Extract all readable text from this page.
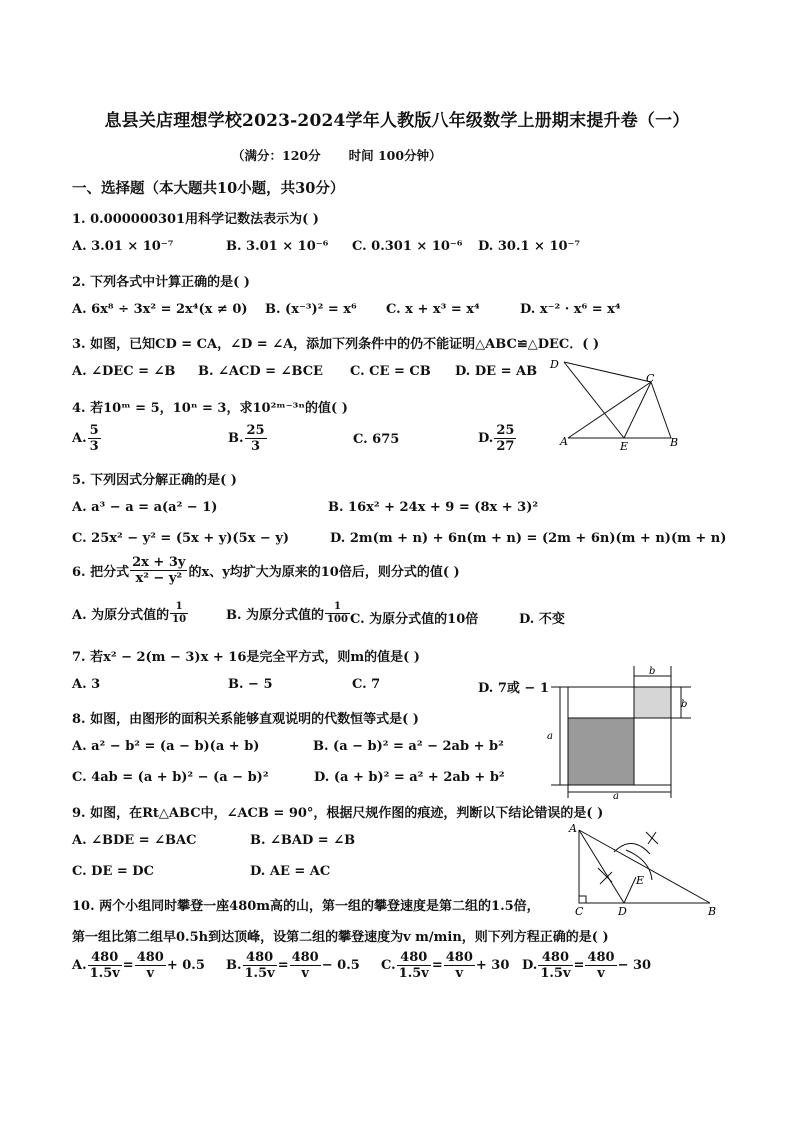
息县关店理想学校2023-2024学年人教版八年级数学上册期末提升卷（一）
（满分：120分 时间 100分钟）
一、选择题（本大题共10小题，共30分）
1. 0.000000301用科学记数法表示为( )
A. 3.01 × 10⁻⁷	B. 3.01 × 10⁻⁶ C. 0.301 × 10⁻⁶ D. 30.1 × 10⁻⁷
2. 下列各式中计算正确的是( )
A. 6x⁸ ÷ 3x² = 2x⁴(x ≠ 0) B. (x⁻³)² = x⁶ C. x + x³ = x⁴	D. x⁻² · x⁶ = x⁴
3. 如图，已知CD = CA，∠D = ∠A，添加下列条件中的仍不能证明△ABC≌△DEC．( )
A. ∠DEC = ∠B B. ∠ACD = ∠BCE C. CE = CB D. DE = AB D
C
A	E	B
4. 若10ᵐ = 5，10ⁿ = 3，求10²ᵐ⁻³ⁿ的值( )
A. $\frac{5}{3}$	B. $\frac{25}{3}$	C. 675	D. $\frac{25}{27}$
5. 下列因式分解正确的是( )
A. a³ − a = a(a² − 1)	B. 16x² + 24x + 9 = (8x + 3)²
C. 25x² − y² = (5x + y)(5x − y)	D. 2m(m + n) + 6n(m + n) = (2m + 6n)(m + n)(m + n)
6. 把分式 $\frac{2x + 3y}{\text{x² − y²}}$ 的x、y均扩大为原来的10倍后，则分式的值( )
A. 为原分式值的 $\frac{1}{10}$	B. 为原分式值的 $\frac{1}{100} C$. 为原分式值的10倍	D. 不变
7. 若x² − 2(m − 3)x + 16是完全平方式，则m的值是( )
A. 3	B. − 5	C. 7	D. 7或 − 1
a
a
b
b
8. 如图，由图形的面积关系能够直观说明的代数恒等式是( )
A. a² − b² = (a − b)(a + b)	B. (a − b)² = a² − 2ab + b²
C. 4ab = (a + b)² − (a − b)²	D. (a + b)² = a² + 2ab + b²
9. 如图，在Rt△ABC中，∠ACB = 90°，根据尺规作图的痕迹，判断以下结论错误的是( )
A. ∠BDE = ∠BAC	B. ∠BAD = ∠B
C. DE = DC	D. AE = AC
A
C	D
E
B
10. 两个小组同时攀登一座480m高的山，第一组的攀登速度是第二组的1.5倍，
第一组比第二组早0.5h到达顶峰，设第二组的攀登速度为v m/min，则下列方程正确的是( )
A. $\frac{480}{1.5v} = \frac{480}{v} + 0.5$ B. $\frac{480}{1.5v} = \frac{480}{v} - 0.5$ C. $\frac{480}{1.5v} = \frac{480}{v} + 30$ D. $\frac{480}{1.5v} = \frac{480}{v} - 30$
